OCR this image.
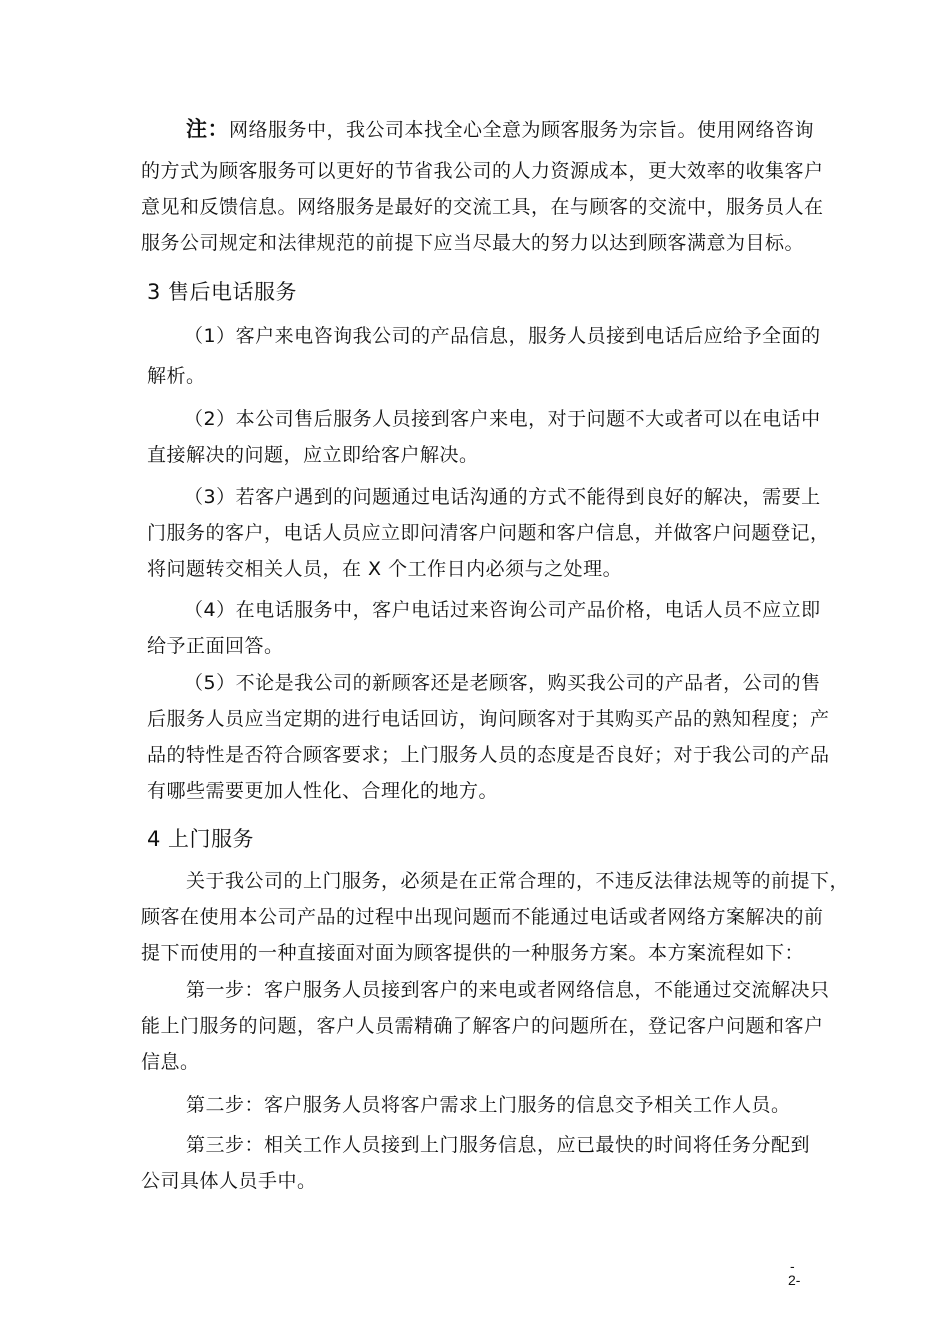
注：网络服务中，我公司本找全心全意为顾客服务为宗旨。使用网络咨询
的方式为顾客服务可以更好的节省我公司的人力资源成本，更大效率的收集客户
意见和反馈信息。网络服务是最好的交流工具，在与顾客的交流中，服务员人在
服务公司规定和法律规范的前提下应当尽最大的努力以达到顾客满意为目标。
3 售后电话服务
（1）客户来电咨询我公司的产品信息，服务人员接到电话后应给予全面的
解析。
（2）本公司售后服务人员接到客户来电，对于问题不大或者可以在电话中
直接解决的问题，应立即给客户解决。
（3）若客户遇到的问题通过电话沟通的方式不能得到良好的解决，需要上
门服务的客户，电话人员应立即问清客户问题和客户信息，并做客户问题登记，
将问题转交相关人员，在 X 个工作日内必须与之处理。
（4）在电话服务中，客户电话过来咨询公司产品价格，电话人员不应立即
给予正面回答。
（5）不论是我公司的新顾客还是老顾客，购买我公司的产品者，公司的售
后服务人员应当定期的进行电话回访，询问顾客对于其购买产品的熟知程度；产
品的特性是否符合顾客要求；上门服务人员的态度是否良好；对于我公司的产品
有哪些需要更加人性化、合理化的地方。
4 上门服务
关于我公司的上门服务，必须是在正常合理的，不违反法律法规等的前提下，
顾客在使用本公司产品的过程中出现问题而不能通过电话或者网络方案解决的前
提下而使用的一种直接面对面为顾客提供的一种服务方案。本方案流程如下：
第一步：客户服务人员接到客户的来电或者网络信息，不能通过交流解决只
能上门服务的问题，客户人员需精确了解客户的问题所在，登记客户问题和客户
信息。
第二步：客户服务人员将客户需求上门服务的信息交予相关工作人员。
第三步：相关工作人员接到上门服务信息，应已最快的时间将任务分配到
公司具体人员手中。
-
2-
